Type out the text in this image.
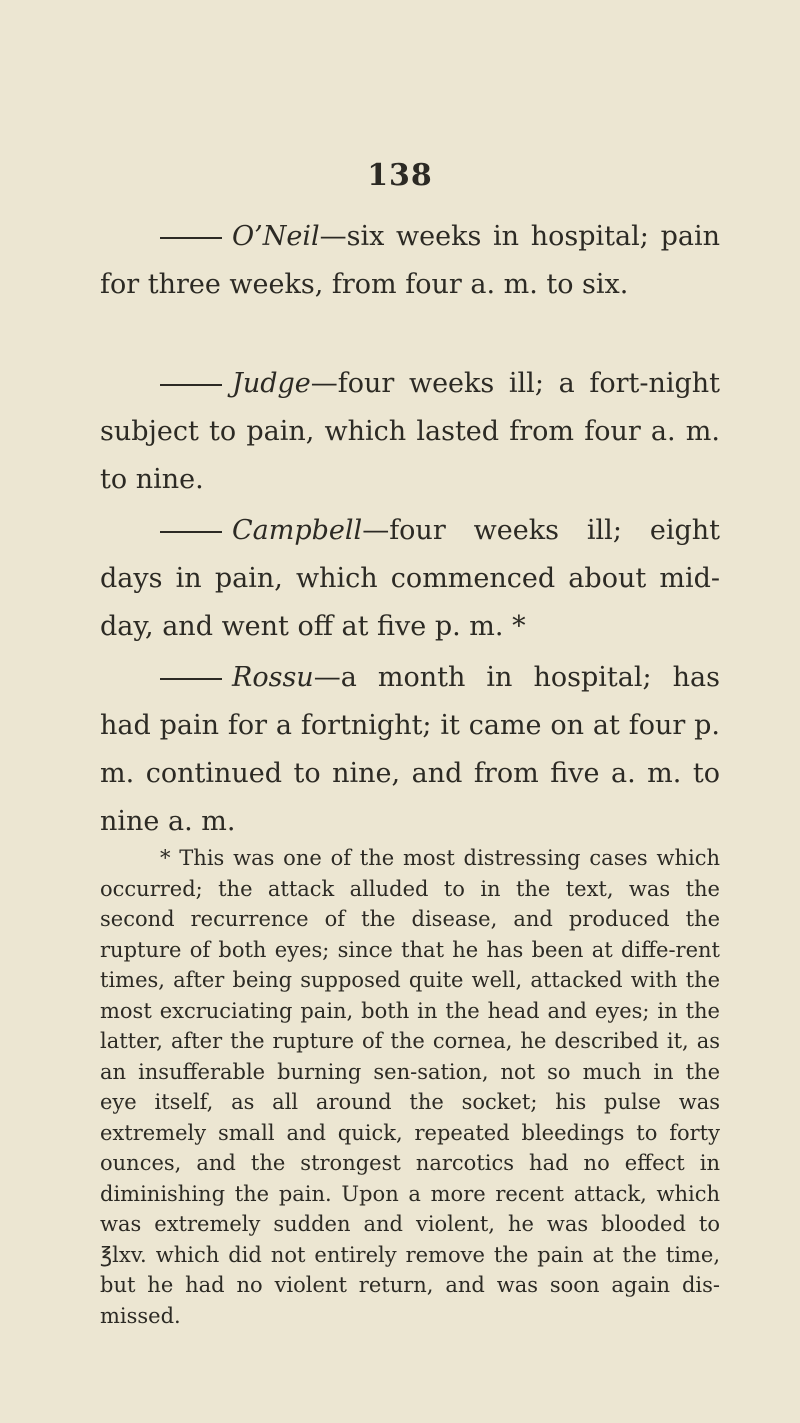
138

O’Neil—six weeks in hospital; pain for three weeks, from four a. m. to six.

Judge—four weeks ill; a fort-night subject to pain, which lasted from four a. m. to nine.

Campbell—four weeks ill; eight days in pain, which commenced about mid-day, and went off at five p. m. *

Rossu—a month in hospital; has had pain for a fortnight; it came on at four p. m. continued to nine, and from five a. m. to nine a. m.

* This was one of the most distressing cases which occurred; the attack alluded to in the text, was the second recurrence of the disease, and produced the rupture of both eyes; since that he has been at diffe-rent times, after being supposed quite well, attacked with the most excruciating pain, both in the head and eyes; in the latter, after the rupture of the cornea, he described it, as an insufferable burning sen-sation, not so much in the eye itself, as all around the socket; his pulse was extremely small and quick, repeated bleedings to forty ounces, and the strongest narcotics had no effect in diminishing the pain. Upon a more recent attack, which was extremely sudden and violent, he was blooded to ℥lxv. which did not entirely remove the pain at the time, but he had no violent return, and was soon again dis-missed.
